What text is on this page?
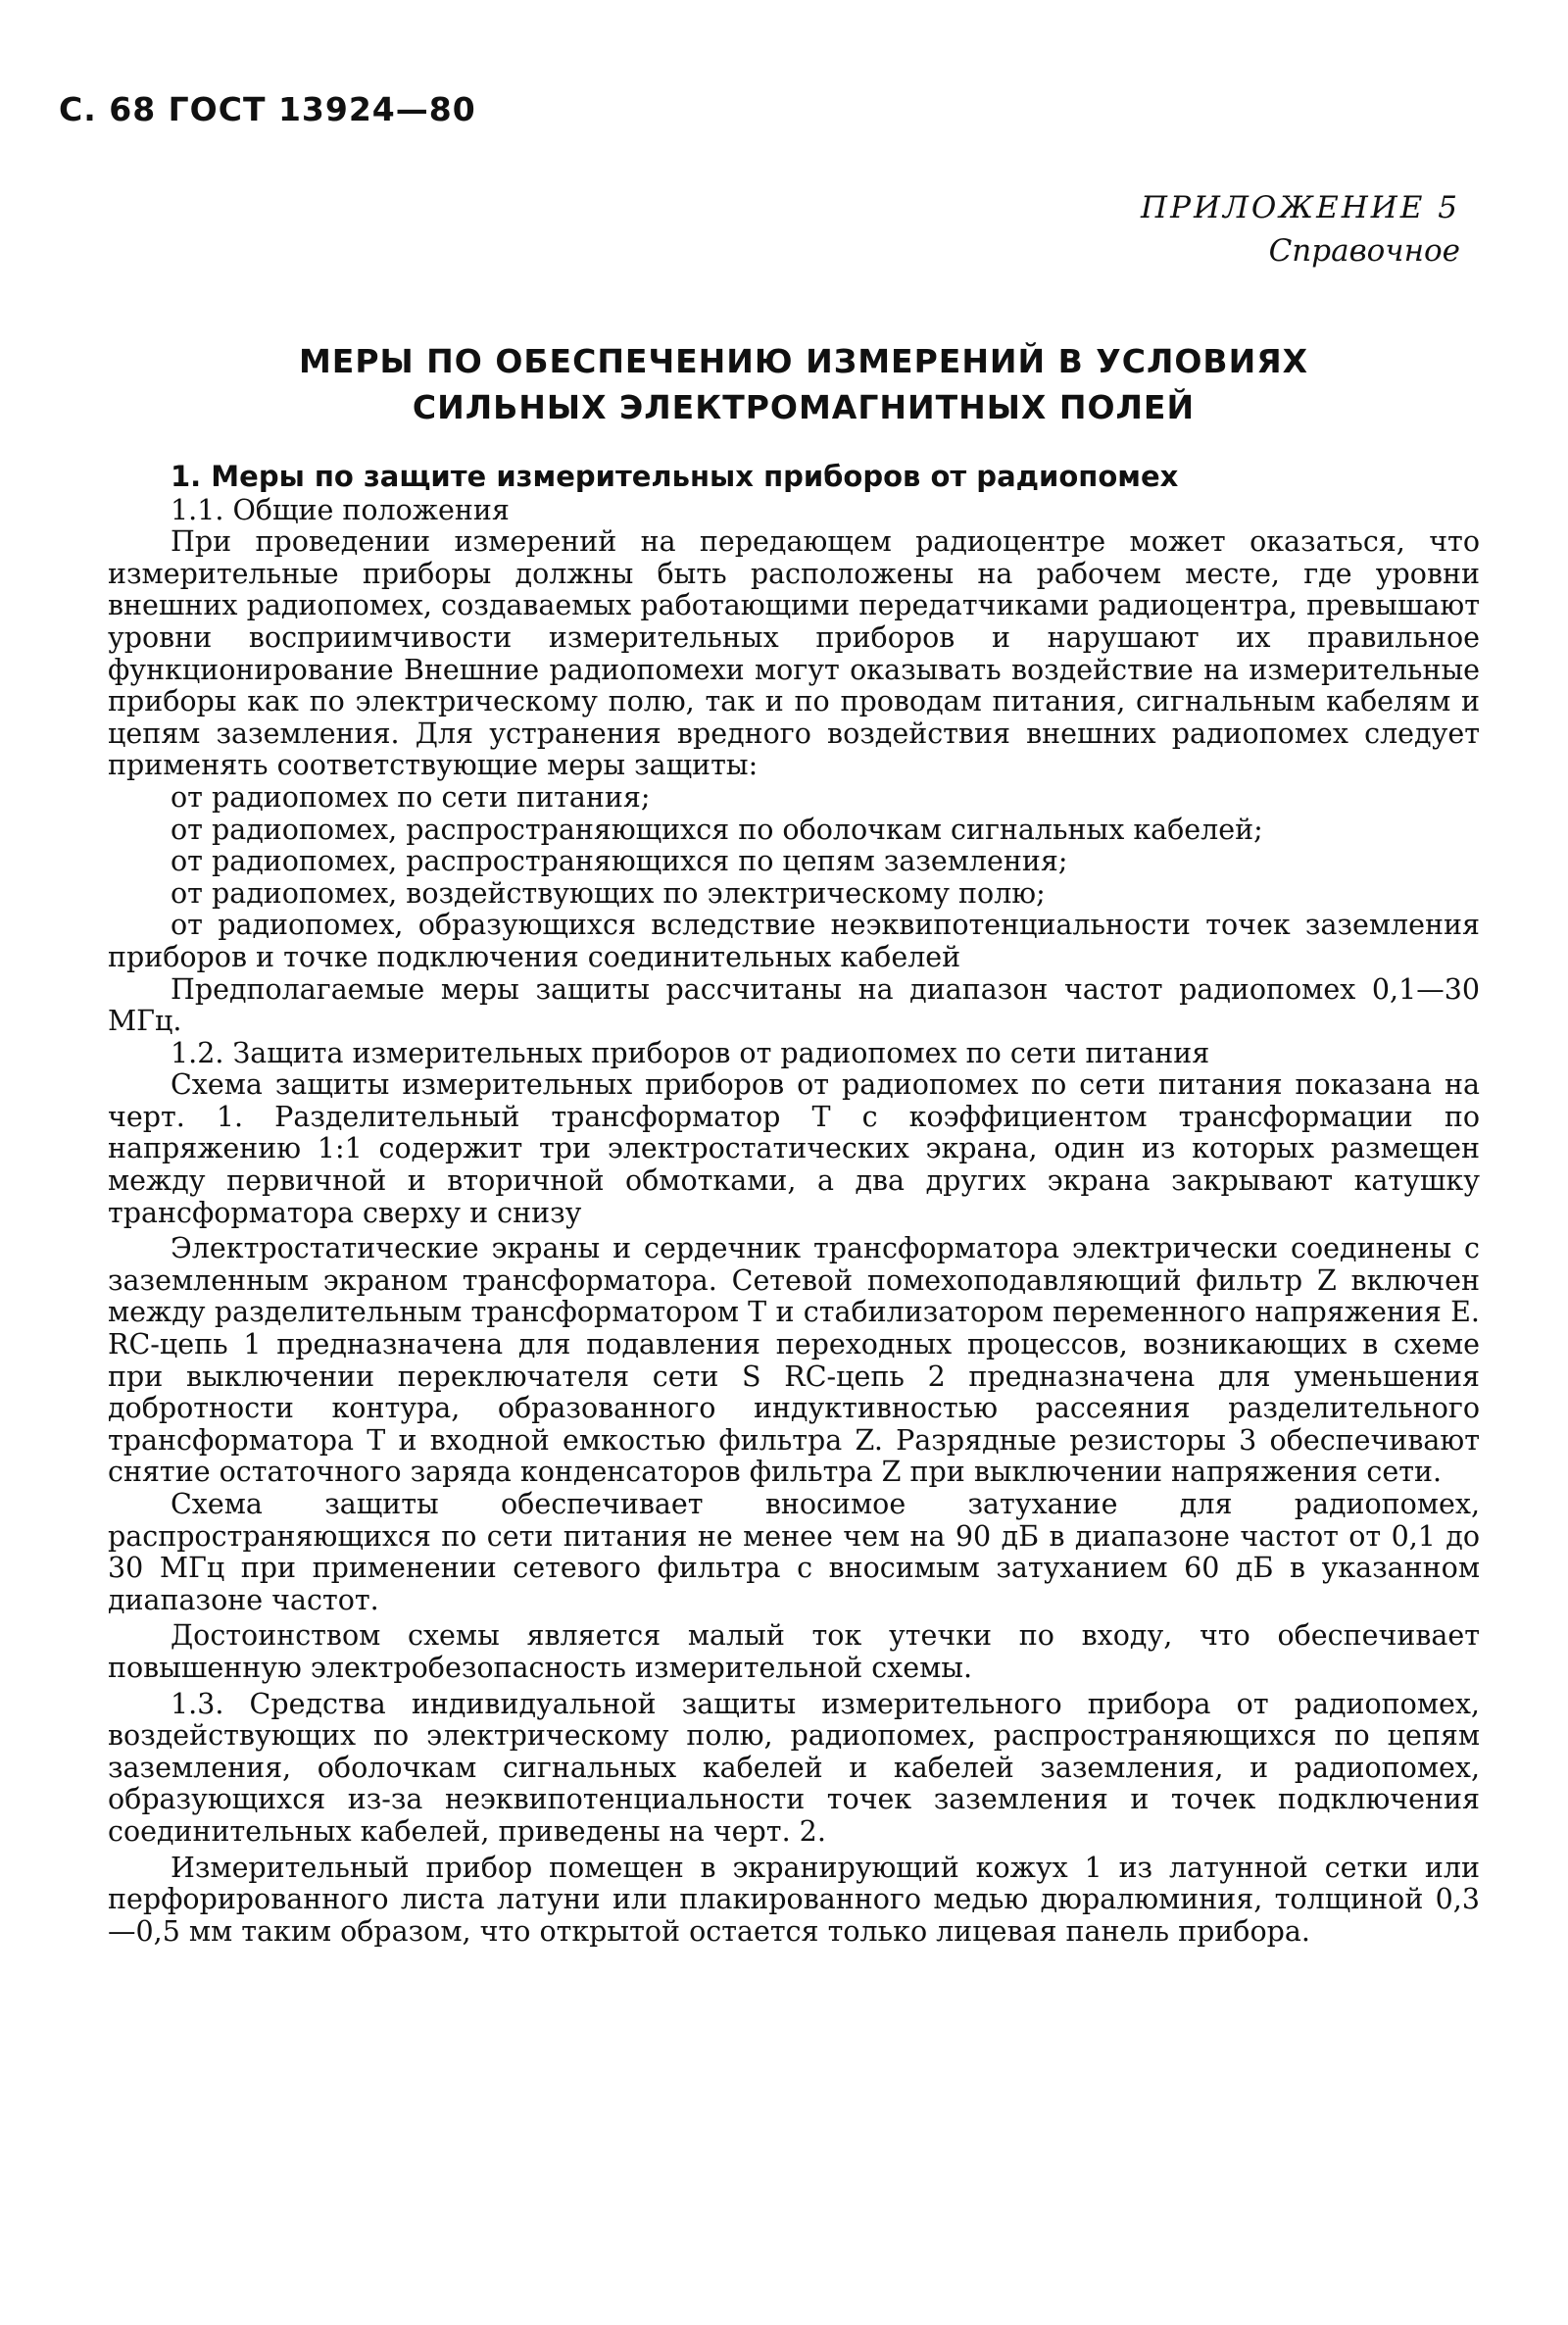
С. 68 ГОСТ 13924—80
ПРИЛОЖЕНИЕ 5
Справочное
МЕРЫ ПО ОБЕСПЕЧЕНИЮ ИЗМЕРЕНИЙ В УСЛОВИЯХ
СИЛЬНЫХ ЭЛЕКТРОМАГНИТНЫХ ПОЛЕЙ
1. Меры по защите измерительных приборов от радиопомех

1.1. Общие положения

При проведении измерений на передающем радиоцентре может оказаться, что измерительные приборы должны быть расположены на рабочем месте, где уровни внешних радиопомех, создаваемых работающими передатчиками радиоцентра, превышают уровни восприимчивости измерительных приборов и нарушают их правильное функционирование Внешние радиопомехи могут оказывать воздействие на измерительные приборы как по электрическому полю, так и по проводам питания, сигнальным кабелям и цепям заземления. Для устранения вредного воздействия внешних радиопомех следует применять соответствующие меры защиты:

от радиопомех по сети питания;

от радиопомех, распространяющихся по оболочкам сигнальных кабелей;

от радиопомех, распространяющихся по цепям заземления;

от радиопомех, воздействующих по электрическому полю;

от радиопомех, образующихся вследствие неэквипотенциальности точек заземления приборов и точке подключения соединительных кабелей

Предполагаемые меры защиты рассчитаны на диапазон частот радиопомех 0,1—30 МГц.

1.2. Защита измерительных приборов от радиопомех по сети питания

Схема защиты измерительных приборов от радиопомех по сети питания показана на черт. 1. Разделительный трансформатор T с коэффициентом трансформации по напряжению 1:1 содержит три электростатических экрана, один из которых размещен между первичной и вторичной обмотками, а два других экрана закрывают катушку трансформатора сверху и снизу

Электростатические экраны и сердечник трансформатора электрически соединены с заземленным экраном трансформатора. Сетевой помехоподавляющий фильтр Z включен между разделительным трансформатором T и стабилизатором переменного напряжения E. RC-цепь 1 предназначена для подавления переходных процессов, возникающих в схеме при выключении переключателя сети S RC-цепь 2 предназначена для уменьшения добротности контура, образованного индуктивностью рассеяния разделительного трансформатора T и входной емкостью фильтра Z. Разрядные резисторы 3 обеспечивают снятие остаточного заряда конденсаторов фильтра Z при выключении напряжения сети.

Схема защиты обеспечивает вносимое затухание для радиопомех, распространяющихся по сети питания не менее чем на 90 дБ в диапазоне частот от 0,1 до 30 МГц при применении сетевого фильтра с вносимым затуханием 60 дБ в указанном диапазоне частот.

Достоинством схемы является малый ток утечки по входу, что обеспечивает повышенную электробезопасность измерительной схемы.

1.3. Средства индивидуальной защиты измерительного прибора от радиопомех, воздействующих по электрическому полю, радиопомех, распространяющихся по цепям заземления, оболочкам сигнальных кабелей и кабелей заземления, и радиопомех, образующихся из-за неэквипотенциальности точек заземления и точек подключения соединительных кабелей, приведены на черт. 2.

Измерительный прибор помещен в экранирующий кожух 1 из латунной сетки или перфорированного листа латуни или плакированного медью дюралюминия, толщиной 0,3—0,5 мм таким образом, что открытой остается только лицевая панель прибора.
